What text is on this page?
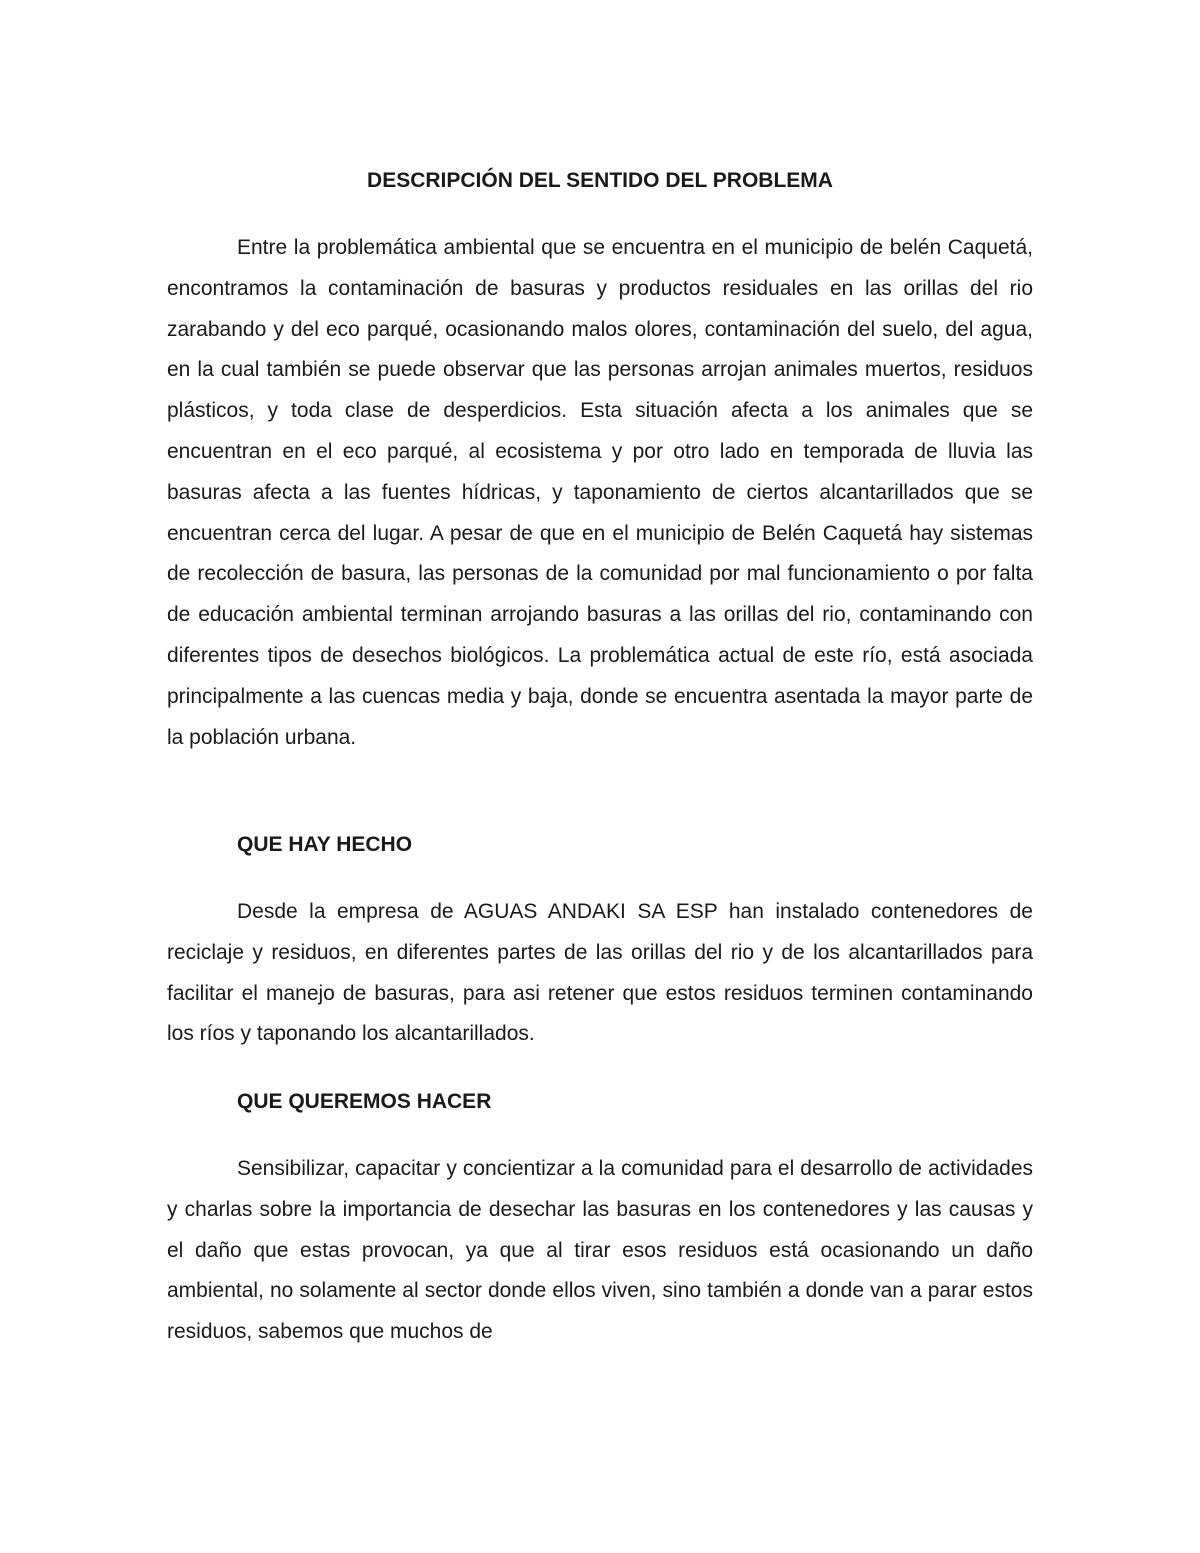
DESCRIPCIÓN DEL SENTIDO DEL PROBLEMA

Entre la problemática ambiental que se encuentra en el municipio de belén Caquetá, encontramos la contaminación de basuras y productos residuales en las orillas del rio zarabando y del eco parqué, ocasionando malos olores, contaminación del suelo, del agua, en la cual también se puede observar que las personas arrojan animales muertos, residuos plásticos, y toda clase de desperdicios. Esta situación afecta a los animales que se encuentran en el eco parqué, al ecosistema y por otro lado en temporada de lluvia las basuras afecta a las fuentes hídricas, y taponamiento de ciertos alcantarillados que se encuentran cerca del lugar. A pesar de que en el municipio de Belén Caquetá hay sistemas de recolección de basura, las personas de la comunidad por mal funcionamiento o por falta de educación ambiental terminan arrojando basuras a las orillas del rio, contaminando con diferentes tipos de desechos biológicos. La problemática actual de este río, está asociada principalmente a las cuencas media y baja, donde se encuentra asentada la mayor parte de la población urbana.

QUE HAY HECHO

Desde la empresa de AGUAS ANDAKI SA ESP han instalado contenedores de reciclaje y residuos, en diferentes partes de las orillas del rio y de los alcantarillados para facilitar el manejo de basuras, para asi retener que estos residuos terminen contaminando los ríos y taponando los alcantarillados.

QUE QUEREMOS HACER

Sensibilizar, capacitar y concientizar a la comunidad para el desarrollo de actividades y charlas sobre la importancia de desechar las basuras en los contenedores y las causas y el daño que estas provocan, ya que al tirar esos residuos está ocasionando un daño ambiental, no solamente al sector donde ellos viven, sino también a donde van a parar estos residuos, sabemos que muchos de
